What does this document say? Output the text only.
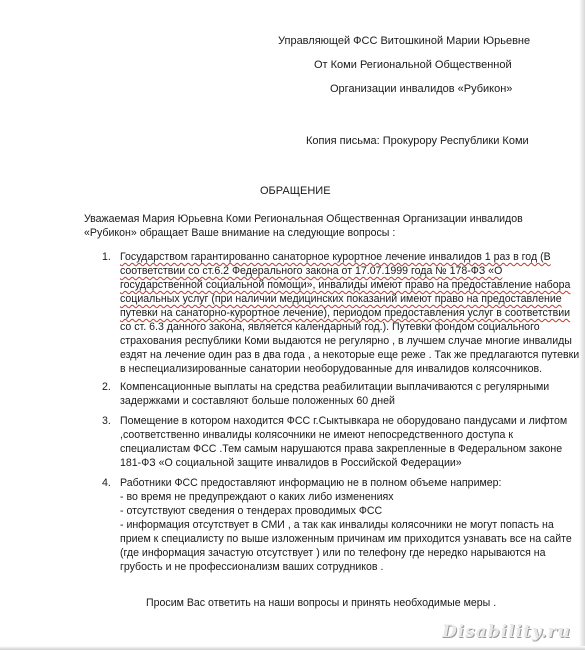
Управляющей ФСС Витошкиной Марии Юрьевне
От Коми Региональной Общественной
Организации инвалидов «Рубикон»
Копия письма: Прокурору Республики Коми
ОБРАЩЕНИЕ
Уважаемая Мария Юрьевна Коми Региональная Общественная Организации инвалидов
«Рубикон» обращает Ваше внимание на следующие вопросы :
1. Государством гарантированно санаторное курортное лечение инвалидов 1 раз в год (В
соответствии со ст.6.2 Федерального закона от 17.07.1999 года № 178-ФЗ «О
государственной социальной помощи», инвалиды имеют право на предоставление набора
социальных услуг (при наличии медицинских показаний имеют право на предоставление
путевки на санаторно-курортное лечение), периодом предоставления услуг в соответствии
со ст. 6.3 данного закона, является календарный год.). Путевки фондом социального
страхования республики Коми выдаются не регулярно , в лучшем случае многие инвалиды
ездят на лечение один раз в два года , а некоторые еще реже . Так же предлагаются путевки
в неспециализированные санатории необорудованные для инвалидов колясочников.
2. Компенсационные выплаты на средства реабилитации выплачиваются с регулярными
задержками и составляют больше положенных 60 дней
3. Помещение в котором находится ФСС г.Сыктывкара не оборудовано пандусами и лифтом
,соответственно инвалиды колясочники не имеют непосредственного доступа к
специалистам ФСС .Тем самым нарушаются права закрепленные в Федеральном законе
181-ФЗ «О социальной защите инвалидов в Российской Федерации»
4. Работники ФСС предоставляют информацию не в полном объеме например:
- во время не предупреждают о каких либо изменениях
- отсутствуют сведения о тендерах проводимых ФСС
- информация отсутствует в СМИ , а так как инвалиды колясочники не могут попасть на
прием к специалисту по выше изложенным причинам им приходится узнавать все на сайте
(где информация зачастую отсутствует ) или по телефону где нередко нарываются на
грубость и не профессионализм ваших сотрудников .
Просим Вас ответить на наши вопросы и принять необходимые меры .
Disability.ru
